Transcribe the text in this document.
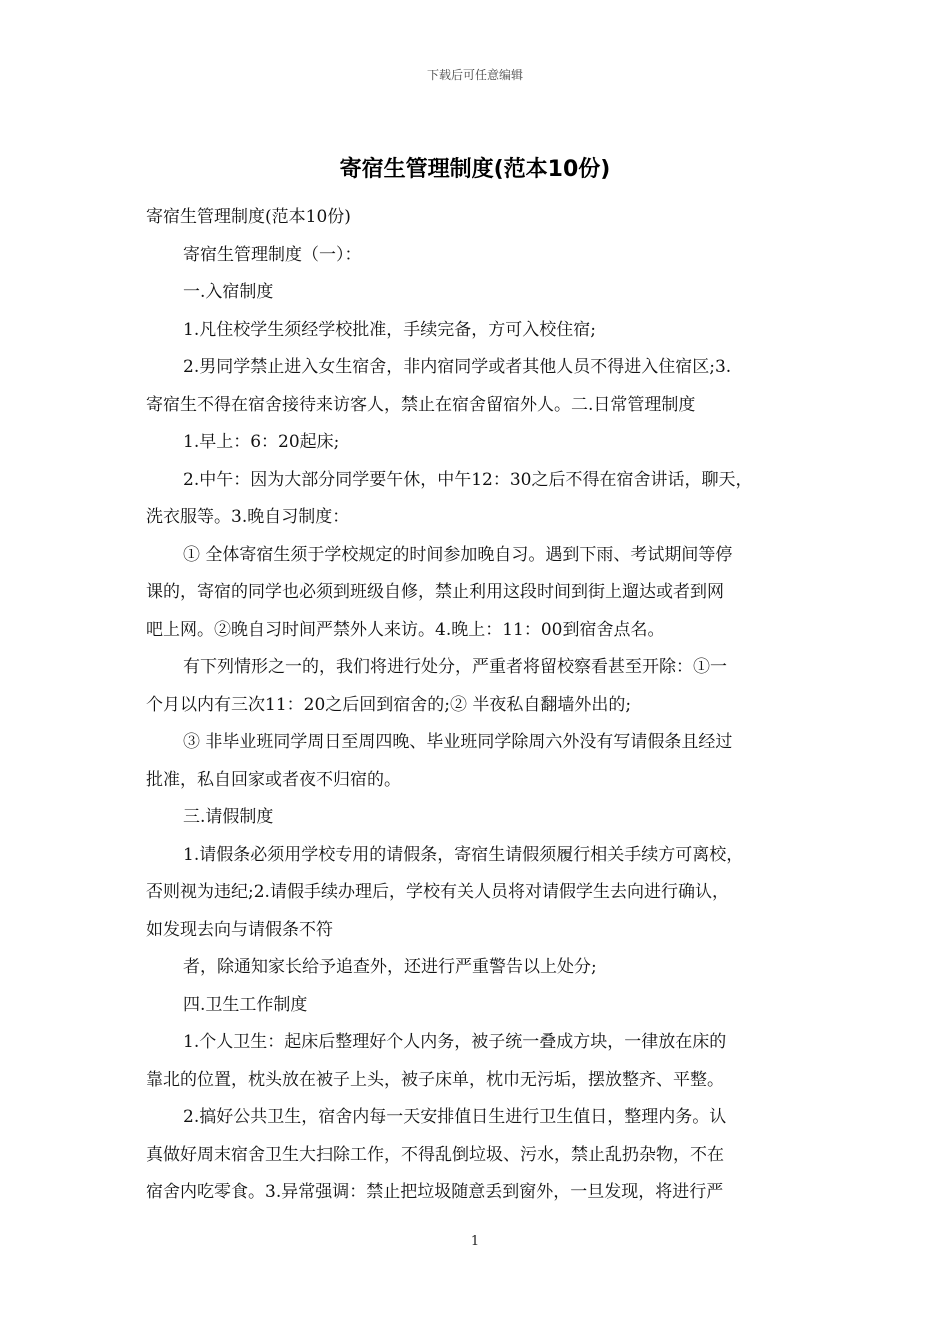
下载后可任意编辑
寄宿生管理制度(范本10份)

寄宿生管理制度(范本10份)

寄宿生管理制度（一）：

一.入宿制度

1.凡住校学生须经学校批准，手续完备，方可入校住宿;

2.男同学禁止进入女生宿舍，非内宿同学或者其他人员不得进入住宿区;3.

寄宿生不得在宿舍接待来访客人，禁止在宿舍留宿外人。二.日常管理制度

1.早上：6：20起床;

2.中午：因为大部分同学要午休，中午12：30之后不得在宿舍讲话，聊天，

洗衣服等。3.晚自习制度：

① 全体寄宿生须于学校规定的时间参加晚自习。遇到下雨、考试期间等停

课的，寄宿的同学也必须到班级自修，禁止利用这段时间到街上遛达或者到网

吧上网。②晚自习时间严禁外人来访。4.晚上：11：00到宿舍点名。

有下列情形之一的，我们将进行处分，严重者将留校察看甚至开除：①一

个月以内有三次11：20之后回到宿舍的;② 半夜私自翻墙外出的;

③ 非毕业班同学周日至周四晚、毕业班同学除周六外没有写请假条且经过

批准，私自回家或者夜不归宿的。

三.请假制度

1.请假条必须用学校专用的请假条，寄宿生请假须履行相关手续方可离校，

否则视为违纪;2.请假手续办理后，学校有关人员将对请假学生去向进行确认，

如发现去向与请假条不符

者，除通知家长给予追查外，还进行严重警告以上处分;

四.卫生工作制度

1.个人卫生：起床后整理好个人内务，被子统一叠成方块，一律放在床的

靠北的位置，枕头放在被子上头，被子床单，枕巾无污垢，摆放整齐、平整。

2.搞好公共卫生，宿舍内每一天安排值日生进行卫生值日，整理内务。认

真做好周末宿舍卫生大扫除工作，不得乱倒垃圾、污水，禁止乱扔杂物，不在

宿舍内吃零食。3.异常强调：禁止把垃圾随意丢到窗外，一旦发现，将进行严

1
